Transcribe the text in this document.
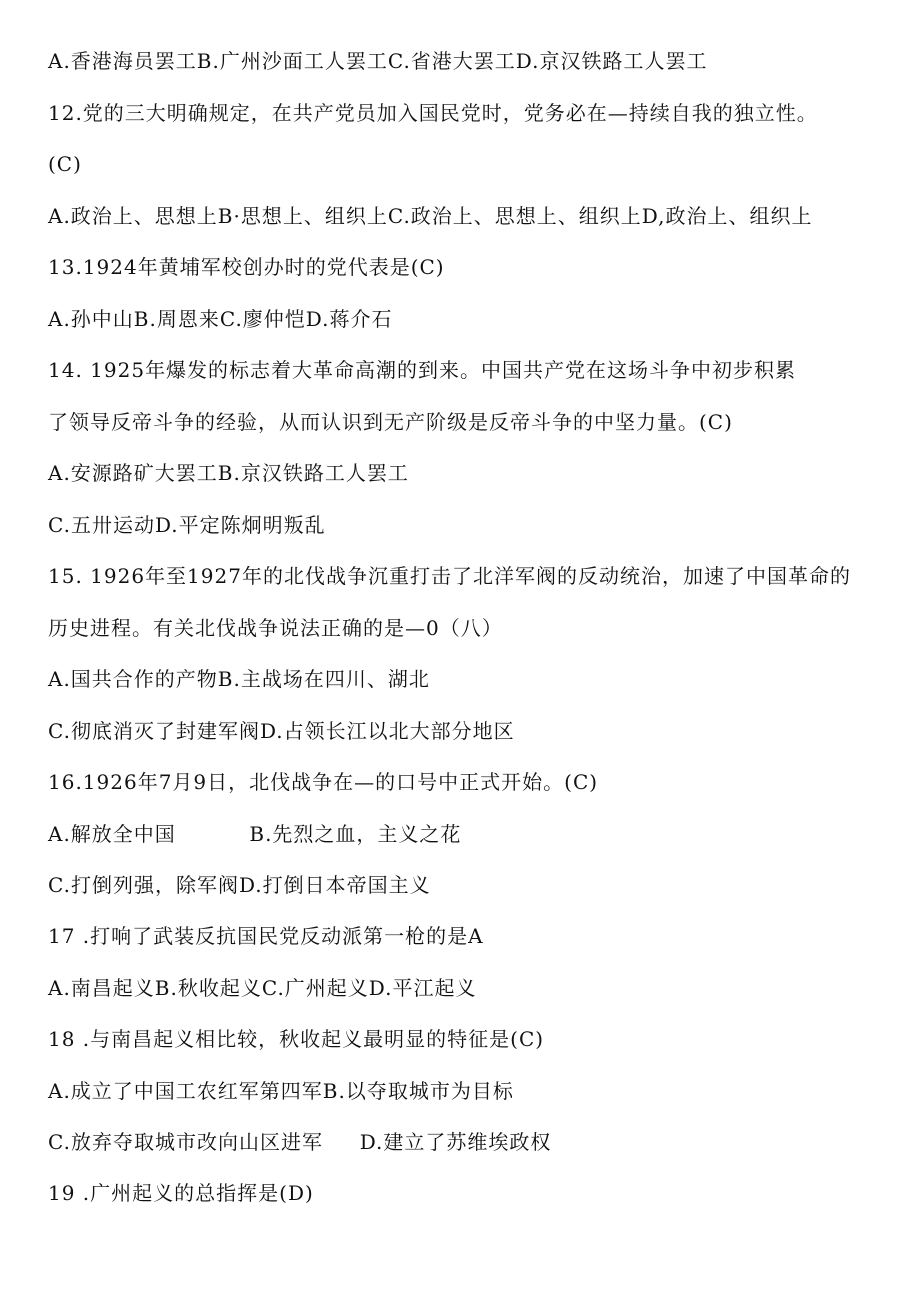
A.香港海员罢工B.广州沙面工人罢工C.省港大罢工D.京汉铁路工人罢工
12.党的三大明确规定，在共产党员加入国民党时，党务必在—持续自我的独立性。
(C)
A.政治上、思想上B·思想上、组织上C.政治上、思想上、组织上D,政治上、组织上
13.1924年黄埔军校创办时的党代表是(C)
A.孙中山B.周恩来C.廖仲恺D.蒋介石
14. 1925年爆发的标志着大革命高潮的到来。中国共产党在这场斗争中初步积累
了领导反帝斗争的经验，从而认识到无产阶级是反帝斗争的中坚力量。(C)
A.安源路矿大罢工B.京汉铁路工人罢工
C.五卅运动D.平定陈炯明叛乱
15. 1926年至1927年的北伐战争沉重打击了北洋军阀的反动统治，加速了中国革命的
历史进程。有关北伐战争说法正确的是—0（八）
A.国共合作的产物B.主战场在四川、湖北
C.彻底消灭了封建军阀D.占领长江以北大部分地区
16.1926年7月9日，北伐战争在—的口号中正式开始。(C)
A.解放全中国          B.先烈之血，主义之花
C.打倒列强，除军阀D.打倒日本帝国主义
17 .打响了武装反抗国民党反动派第一枪的是A
A.南昌起义B.秋收起义C.广州起义D.平江起义
18 .与南昌起义相比较，秋收起义最明显的特征是(C)
A.成立了中国工农红军第四军B.以夺取城市为目标
C.放弃夺取城市改向山区进军     D.建立了苏维埃政权
19 .广州起义的总指挥是(D)
